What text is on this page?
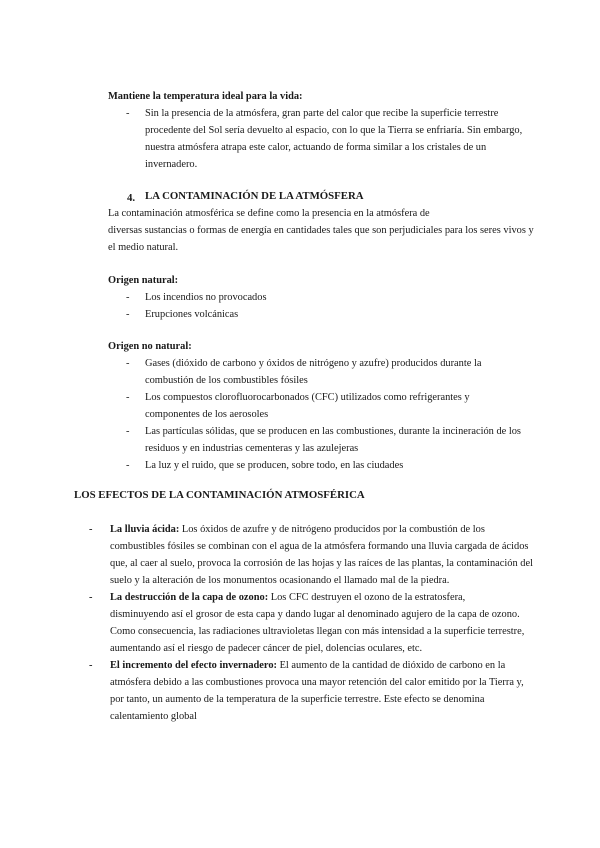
Mantiene la temperatura ideal para la vida:

- Sin la presencia de la atmósfera, gran parte del calor que recibe la superficie terrestre

procedente del Sol sería devuelto al espacio, con lo que la Tierra se enfriaría. Sin embargo,

nuestra atmósfera atrapa este calor, actuando de forma similar a los cristales de un

invernadero.

4. LA CONTAMINACIÓN DE LA ATMÓSFERA

La contaminación atmosférica se define como la presencia en la atmósfera de

diversas sustancias o formas de energía en cantidades tales que son perjudiciales para los seres vivos y

el medio natural.

Origen natural:

- Los incendios no provocados

- Erupciones volcánicas

Origen no natural:

- Gases (dióxido de carbono y óxidos de nitrógeno y azufre) producidos durante la

combustión de los combustibles fósiles

- Los compuestos clorofluorocarbonados (CFC) utilizados como refrigerantes y

componentes de los aerosoles

- Las partículas sólidas, que se producen en las combustiones, durante la incineración de los

residuos y en industrias cementeras y las azulejeras

- La luz y el ruido, que se producen, sobre todo, en las ciudades

LOS EFECTOS DE LA CONTAMINACIÓN ATMOSFÉRICA

- La lluvia ácida: Los óxidos de azufre y de nitrógeno producidos por la combustión de los

combustibles fósiles se combinan con el agua de la atmósfera formando una lluvia cargada de ácidos

que, al caer al suelo, provoca la corrosión de las hojas y las raíces de las plantas, la contaminación del

suelo y la alteración de los monumentos ocasionando el llamado mal de la piedra.

- La destrucción de la capa de ozono: Los CFC destruyen el ozono de la estratosfera,

disminuyendo así el grosor de esta capa y dando lugar al denominado agujero de la capa de ozono.

Como consecuencia, las radiaciones ultravioletas llegan con más intensidad a la superficie terrestre,

aumentando así el riesgo de padecer cáncer de piel, dolencias oculares, etc.

- El incremento del efecto invernadero: El aumento de la cantidad de dióxido de carbono en la

atmósfera debido a las combustiones provoca una mayor retención del calor emitido por la Tierra y,

por tanto, un aumento de la temperatura de la superficie terrestre. Este efecto se denomina

calentamiento global
